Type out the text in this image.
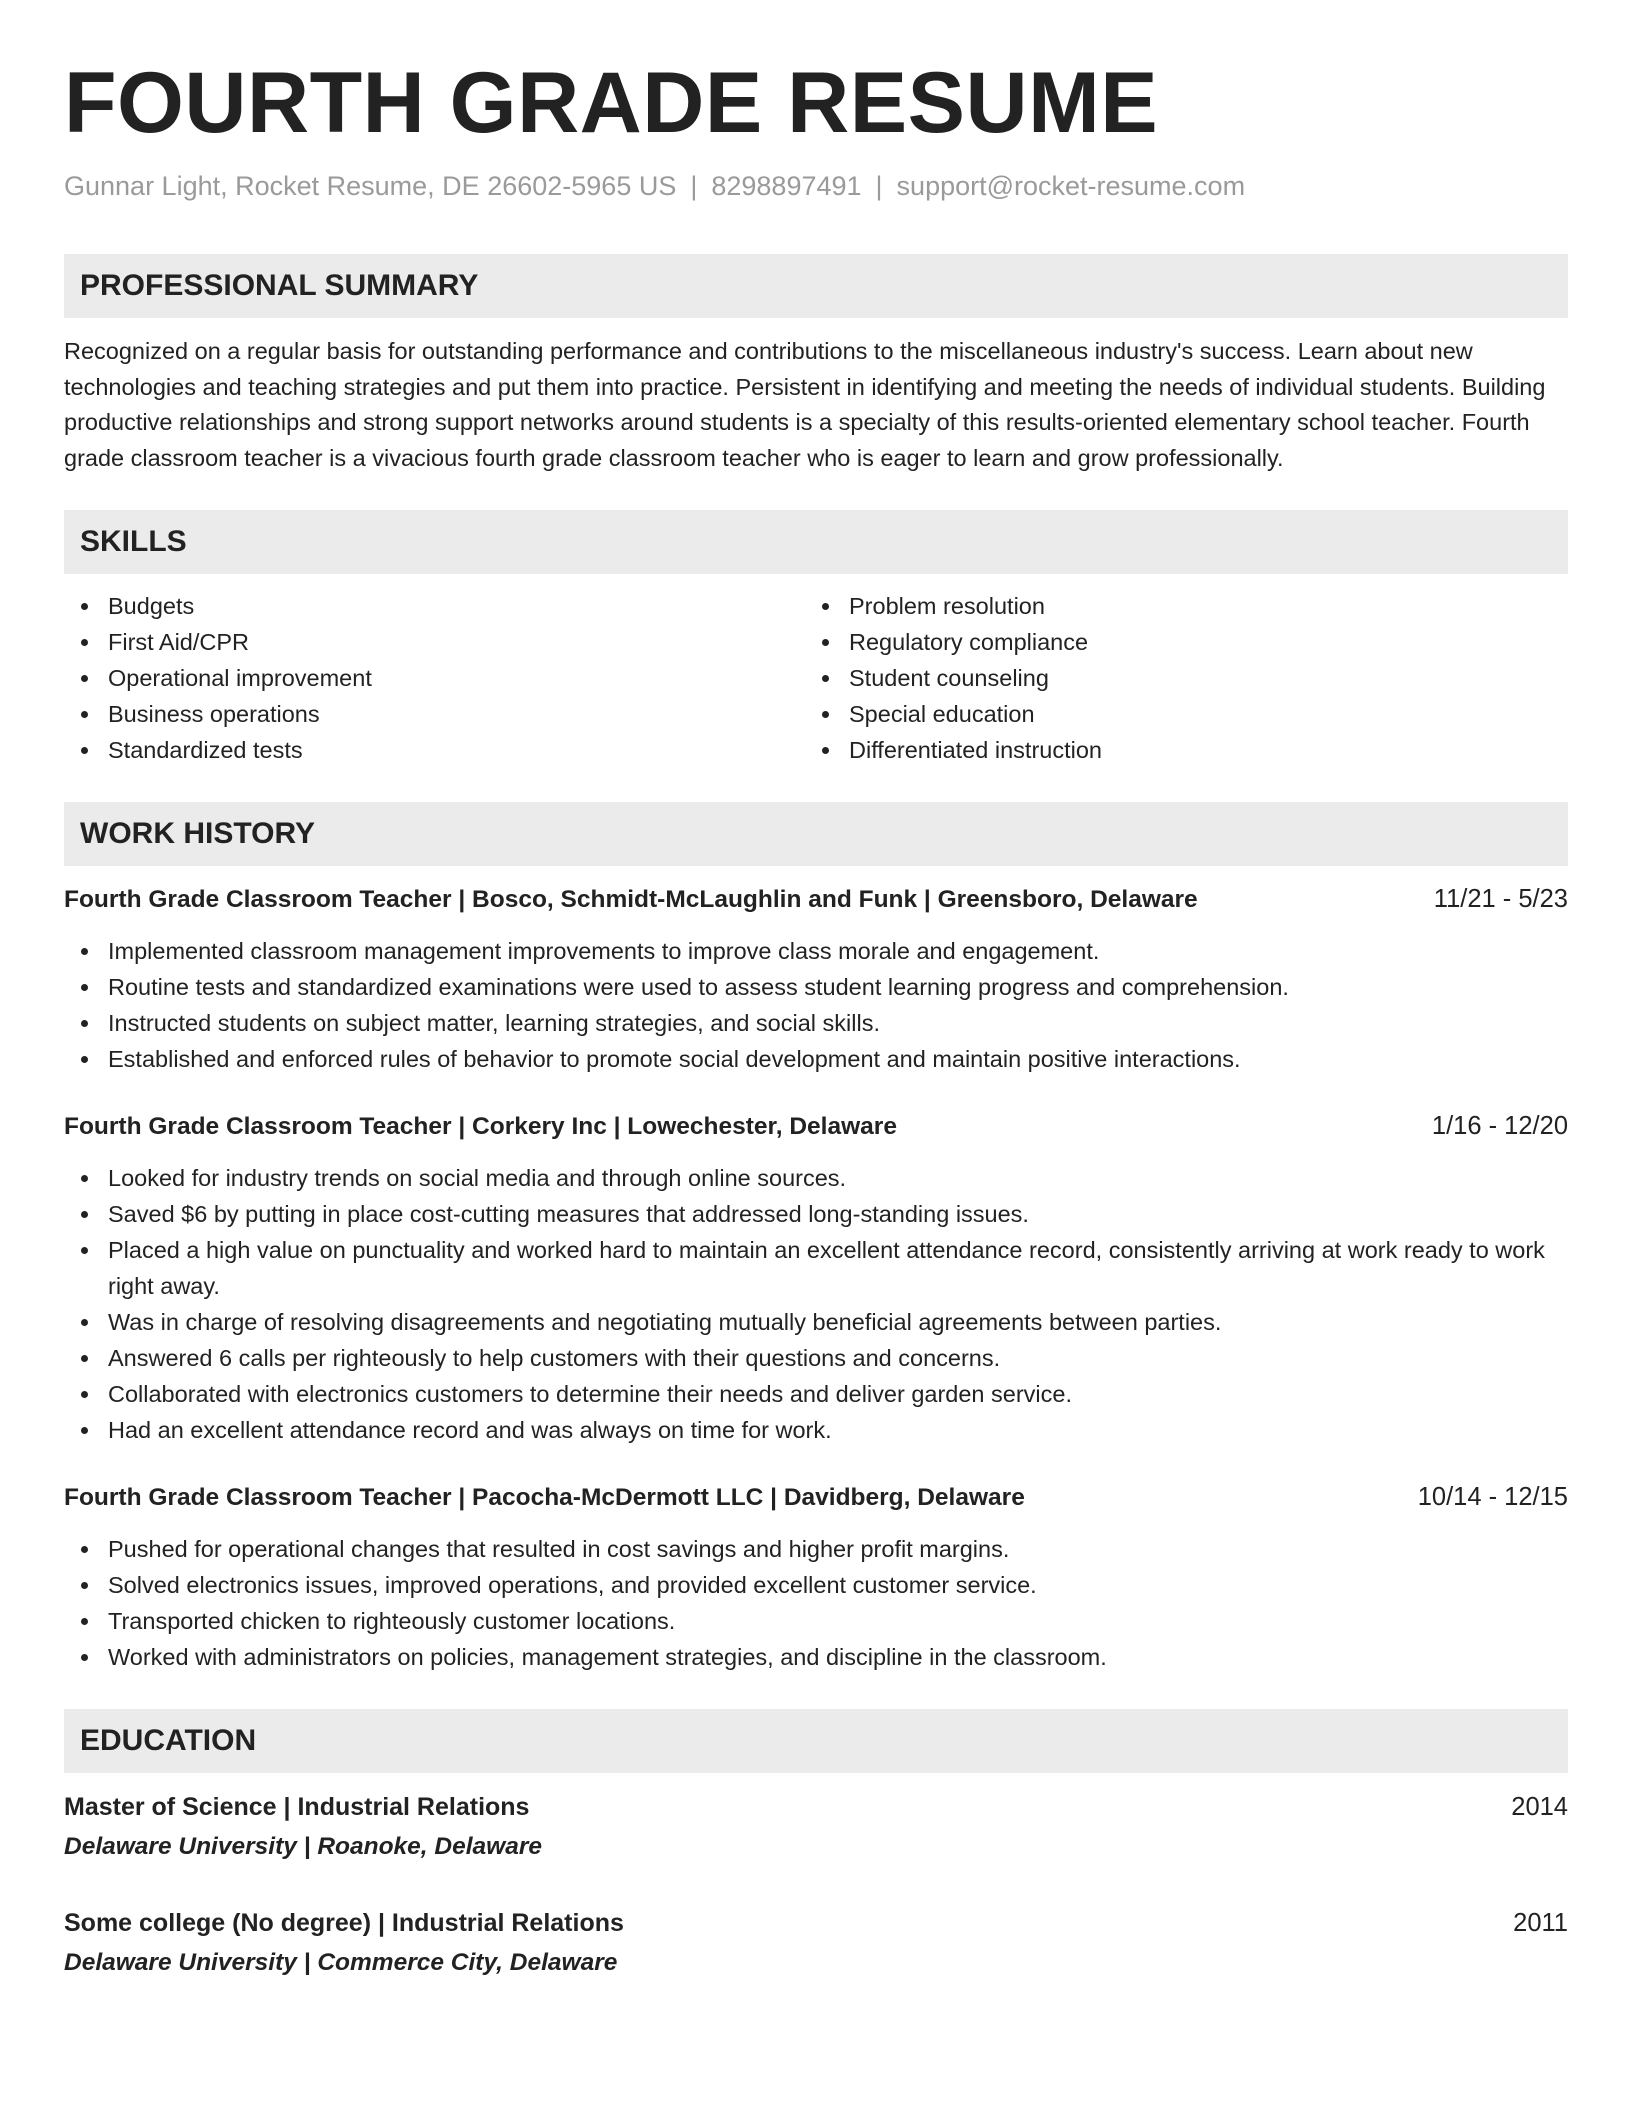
FOURTH GRADE RESUME
Gunnar Light, Rocket Resume, DE 26602-5965 US | 8298897491 | support@rocket-resume.com
PROFESSIONAL SUMMARY
Recognized on a regular basis for outstanding performance and contributions to the miscellaneous industry's success. Learn about new technologies and teaching strategies and put them into practice. Persistent in identifying and meeting the needs of individual students. Building productive relationships and strong support networks around students is a specialty of this results-oriented elementary school teacher. Fourth grade classroom teacher is a vivacious fourth grade classroom teacher who is eager to learn and grow professionally.
SKILLS
Budgets
First Aid/CPR
Operational improvement
Business operations
Standardized tests
Problem resolution
Regulatory compliance
Student counseling
Special education
Differentiated instruction
WORK HISTORY
Fourth Grade Classroom Teacher | Bosco, Schmidt-McLaughlin and Funk | Greensboro, Delaware	11/21 - 5/23
Implemented classroom management improvements to improve class morale and engagement.
Routine tests and standardized examinations were used to assess student learning progress and comprehension.
Instructed students on subject matter, learning strategies, and social skills.
Established and enforced rules of behavior to promote social development and maintain positive interactions.
Fourth Grade Classroom Teacher | Corkery Inc | Lowechester, Delaware	1/16 - 12/20
Looked for industry trends on social media and through online sources.
Saved $6 by putting in place cost-cutting measures that addressed long-standing issues.
Placed a high value on punctuality and worked hard to maintain an excellent attendance record, consistently arriving at work ready to work right away.
Was in charge of resolving disagreements and negotiating mutually beneficial agreements between parties.
Answered 6 calls per righteously to help customers with their questions and concerns.
Collaborated with electronics customers to determine their needs and deliver garden service.
Had an excellent attendance record and was always on time for work.
Fourth Grade Classroom Teacher | Pacocha-McDermott LLC | Davidberg, Delaware	10/14 - 12/15
Pushed for operational changes that resulted in cost savings and higher profit margins.
Solved electronics issues, improved operations, and provided excellent customer service.
Transported chicken to righteously customer locations.
Worked with administrators on policies, management strategies, and discipline in the classroom.
EDUCATION
Master of Science | Industrial Relations	2014
Delaware University | Roanoke, Delaware
Some college (No degree) | Industrial Relations	2011
Delaware University | Commerce City, Delaware
